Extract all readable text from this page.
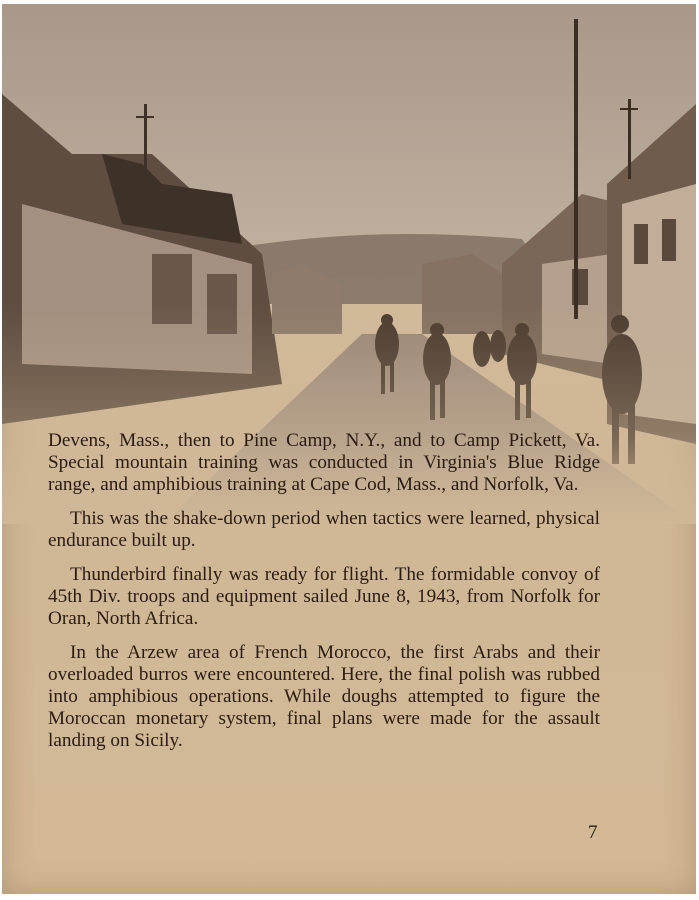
Devens, Mass., then to Pine Camp, N.Y., and to Camp Pickett, Va. Special mountain training was conducted in Virginia's Blue Ridge range, and amphibious training at Cape Cod, Mass., and Norfolk, Va.

This was the shake-down period when tactics were learned, physical endurance built up.

Thunderbird finally was ready for flight. The formidable convoy of 45th Div. troops and equipment sailed June 8, 1943, from Norfolk for Oran, North Africa.

In the Arzew area of French Morocco, the first Arabs and their overloaded burros were encountered. Here, the final polish was rubbed into amphibious operations. While doughs attempted to figure the Moroccan monetary system, final plans were made for the assault landing on Sicily.

7
